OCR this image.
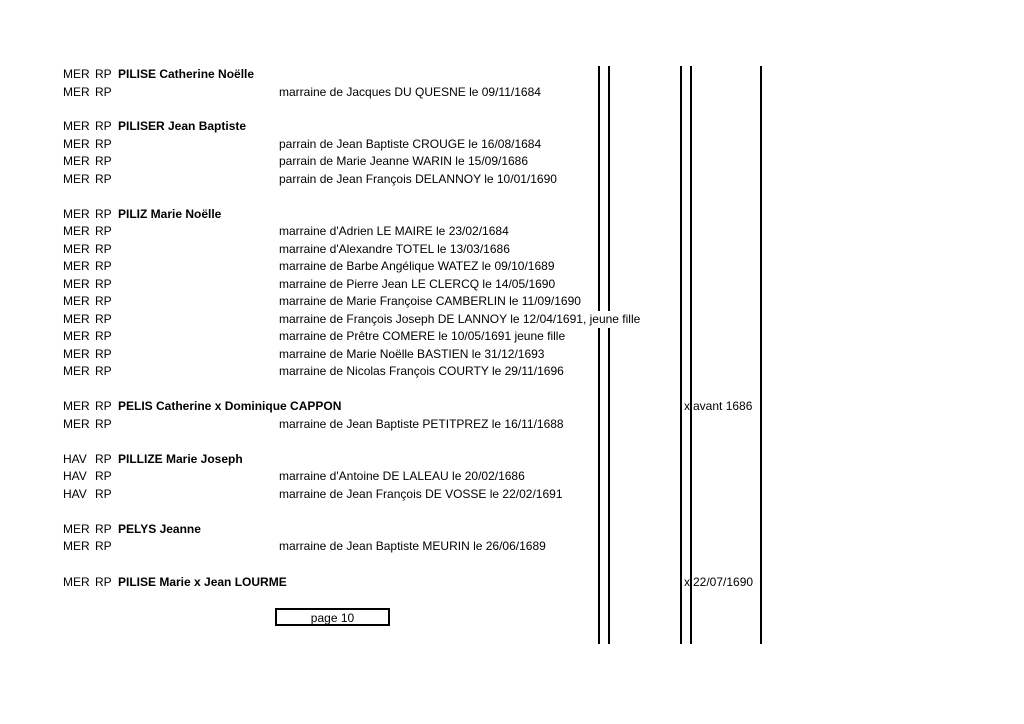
MER RP PILISE Catherine Noëlle
MER RP	marraine de Jacques DU QUESNE le 09/11/1684
MER RP PILISER Jean Baptiste
MER RP	parrain de Jean Baptiste CROUGE le 16/08/1684
MER RP	parrain de Marie Jeanne WARIN le 15/09/1686
MER RP	parrain de Jean François DELANNOY le 10/01/1690
MER RP PILIZ Marie Noëlle
MER RP	marraine d'Adrien LE MAIRE le 23/02/1684
MER RP	marraine d'Alexandre TOTEL le 13/03/1686
MER RP	marraine de Barbe Angélique WATEZ le 09/10/1689
MER RP	marraine de Pierre Jean LE CLERCQ le 14/05/1690
MER RP	marraine de Marie Françoise CAMBERLIN le 11/09/1690
MER RP	marraine de François Joseph DE LANNOY le 12/04/1691, jeune fille
MER RP	marraine de Prêtre COMERE le 10/05/1691 jeune fille
MER RP	marraine de Marie Noëlle BASTIEN le 31/12/1693
MER RP	marraine de Nicolas François COURTY le 29/11/1696
MER RP PELIS Catherine x Dominique CAPPON	x avant 1686
MER RP	marraine de Jean Baptiste PETITPREZ le 16/11/1688
HAV RP PILLIZE Marie Joseph
HAV RP	marraine d'Antoine DE LALEAU le 20/02/1686
HAV RP	marraine de Jean François DE VOSSE le 22/02/1691
MER RP PELYS Jeanne
MER RP	marraine de Jean Baptiste MEURIN le 26/06/1689
MER RP PILISE Marie x Jean LOURME	x 22/07/1690
page 10
